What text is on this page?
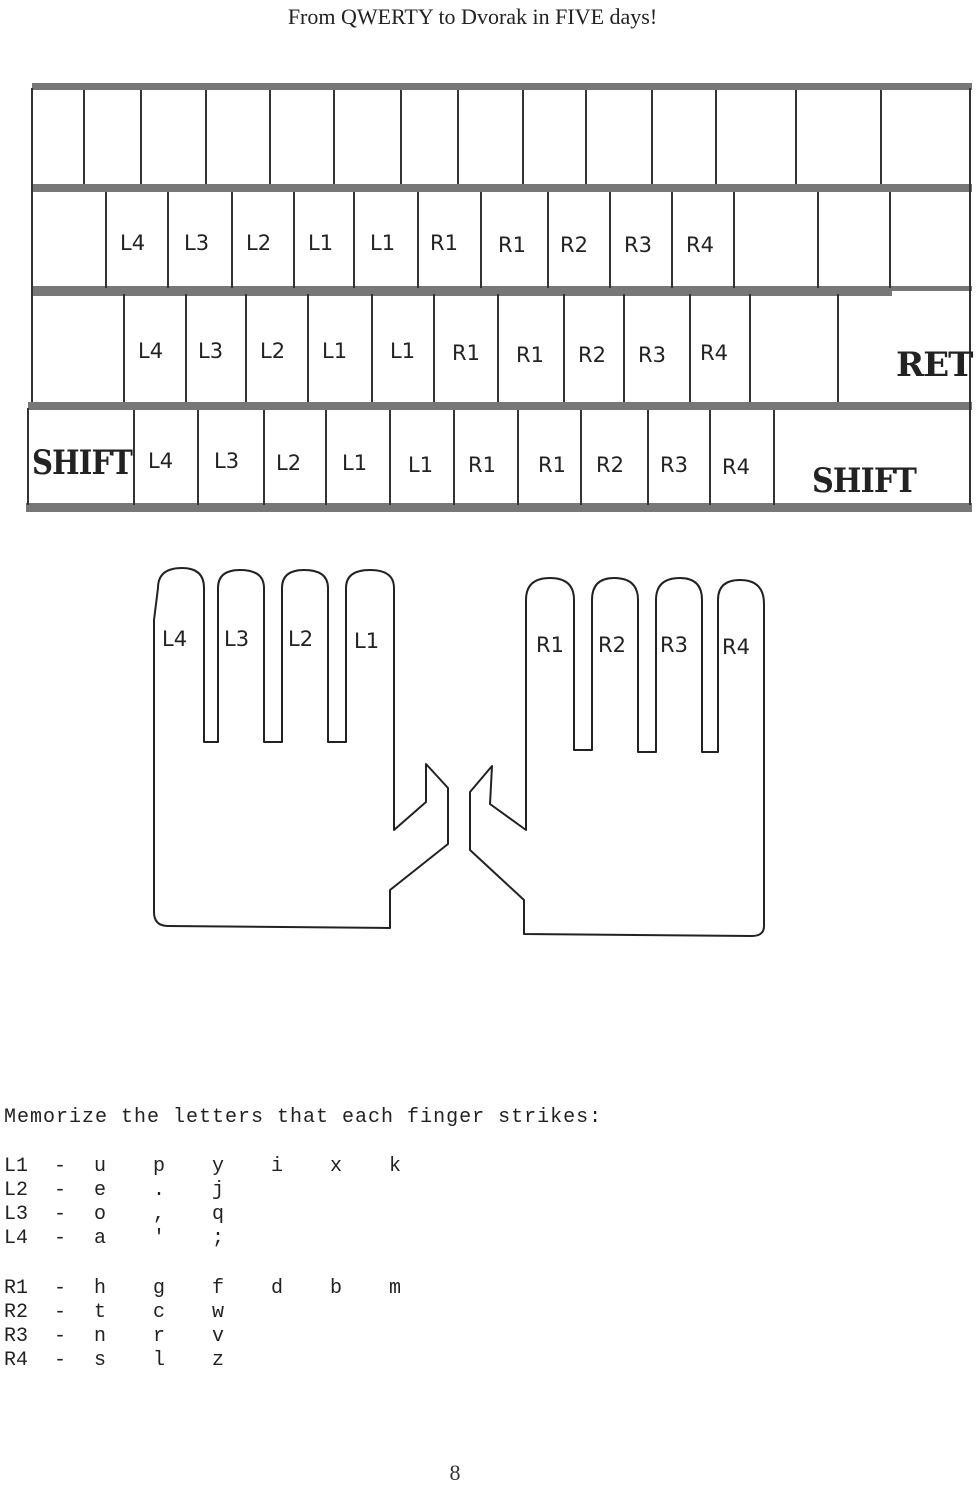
From QWERTY to Dvorak in FIVE days!
L4 L3 L2 L1 L1 R1 R1 R2 R3 R4
L4 L3 L2 L1 L1 R1 R1 R2 R3 R4	RET
SHIFT L4 L3 L2 L1 L1 R1 R1 R2 R3 R4 SHIFT
L4 L3 L2 L1	R1 R2 R3 R4
Memorize the letters that each finger strikes:
L1	-	u	p	y	i	x	k
L2	-	e	.	j
L3	-	o	,	q
L4	-	a	'	;
R1	-	h	g	f	d	b	m
R2	-	t	c	w
R3	-	n	r	v
R4	-	s	l	z
8
